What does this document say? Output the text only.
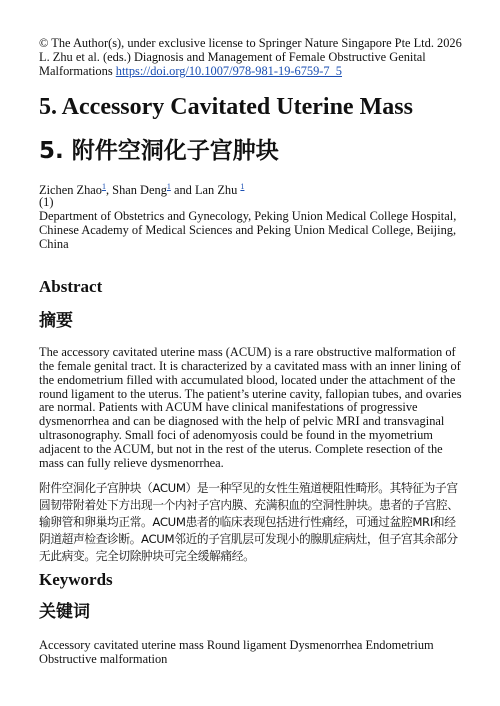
© The Author(s), under exclusive license to Springer Nature Singapore Pte Ltd. 2026
L. Zhu et al. (eds.) Diagnosis and Management of Female Obstructive Genital Malformations https://doi.org/10.1007/978-981-19-6759-7_5
5. Accessory Cavitated Uterine Mass
5. 附件空洞化子宫肿块
Zichen Zhao$^1$, Shan Deng$^1$ and Lan Zhu $^1$
(1)
Department of Obstetrics and Gynecology, Peking Union Medical College Hospital, Chinese Academy of Medical Sciences and Peking Union Medical College, Beijing, China
Abstract
摘要
The accessory cavitated uterine mass (ACUM) is a rare obstructive malformation of the female genital tract. It is characterized by a cavitated mass with an inner lining of the endometrium filled with accumulated blood, located under the attachment of the round ligament to the uterus. The patient’s uterine cavity, fallopian tubes, and ovaries are normal. Patients with ACUM have clinical manifestations of progressive dysmenorrhea and can be diagnosed with the help of pelvic MRI and transvaginal ultrasonography. Small foci of adenomyosis could be found in the myometrium adjacent to the ACUM, but not in the rest of the uterus. Complete resection of the mass can fully relieve dysmenorrhea.
附件空洞化子宫肿块（ACUM）是一种罕见的女性生殖道梗阻性畸形。其特征为子宫圆韧带附着处下方出现一个内衬子宫内膜、充满积血的空洞性肿块。患者的子宫腔、输卵管和卵巢均正常。ACUM患者的临床表现包括进行性痛经，可通过盆腔MRI和经阴道超声检查诊断。ACUM邻近的子宫肌层可发现小的腺肌症病灶，但子宫其余部分无此病变。完全切除肿块可完全缓解痛经。
Keywords
关键词
Accessory cavitated uterine mass Round ligament Dysmenorrhea Endometrium Obstructive malformation
